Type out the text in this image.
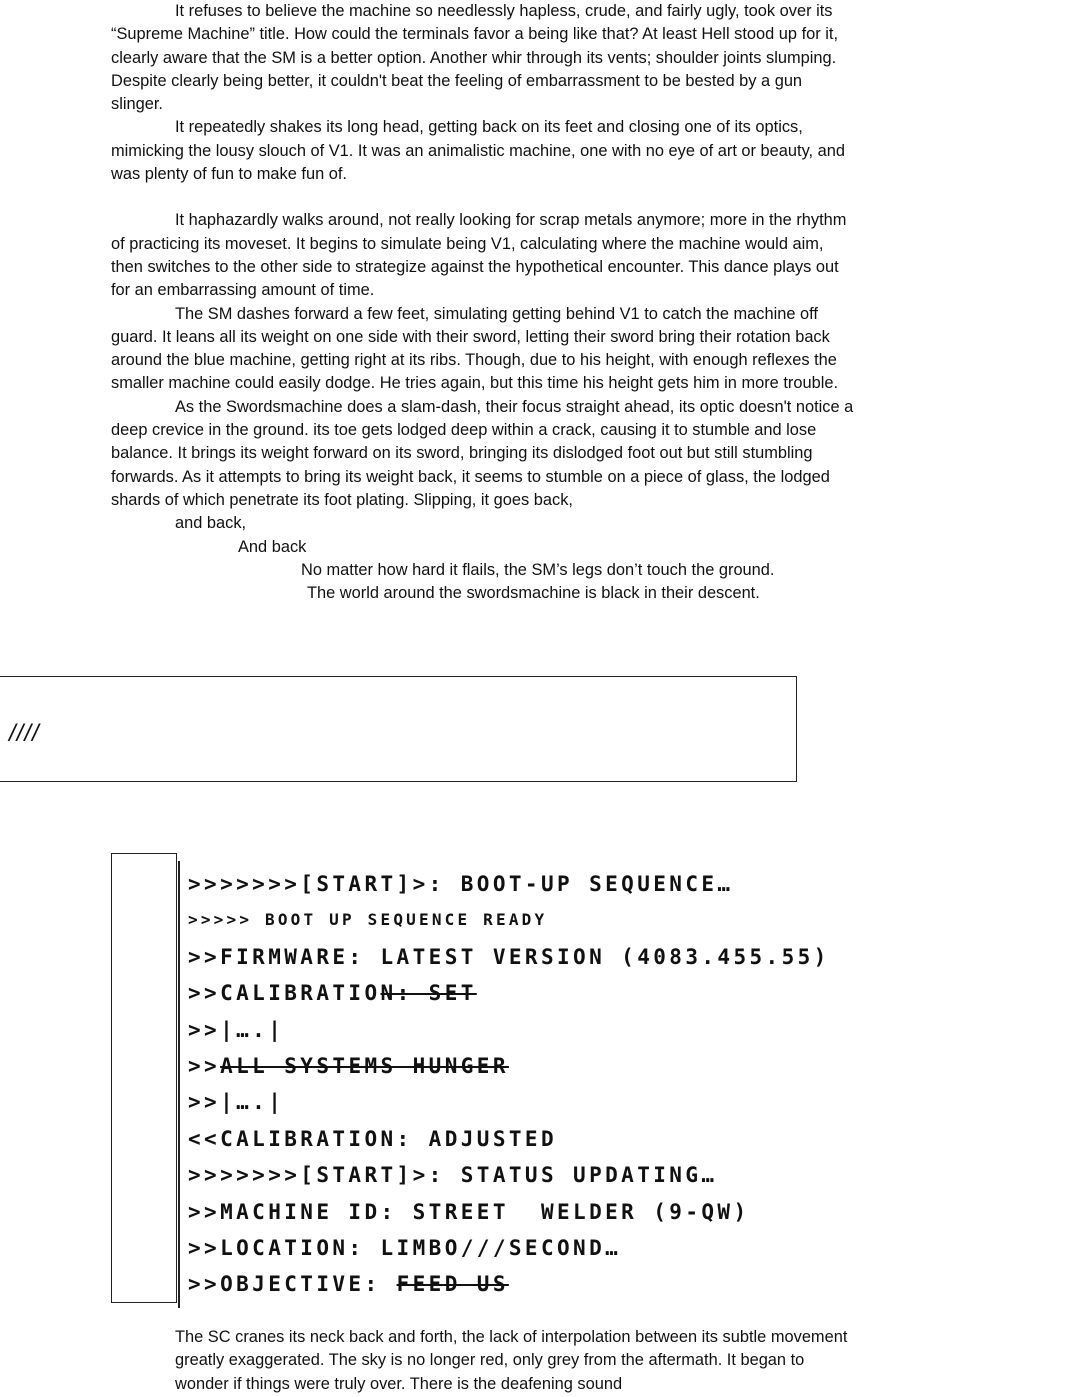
It refuses to believe the machine so needlessly hapless, crude, and fairly ugly, took over its “Supreme Machine” title. How could the terminals favor a being like that? At least Hell stood up for it, clearly aware that the SM is a better option. Another whir through its vents; shoulder joints slumping. Despite clearly being better, it couldn't beat the feeling of embarrassment to be bested by a gun slinger.

It repeatedly shakes its long head, getting back on its feet and closing one of its optics, mimicking the lousy slouch of V1. It was an animalistic machine, one with no eye of art or beauty, and was plenty of fun to make fun of.

It haphazardly walks around, not really looking for scrap metals anymore; more in the rhythm of practicing its moveset. It begins to simulate being V1, calculating where the machine would aim, then switches to the other side to strategize against the hypothetical encounter. This dance plays out for an embarrassing amount of time.

The SM dashes forward a few feet, simulating getting behind V1 to catch the machine off guard. It leans all its weight on one side with their sword, letting their sword bring their rotation back around the blue machine, getting right at its ribs. Though, due to his height, with enough reflexes the smaller machine could easily dodge. He tries again, but this time his height gets him in more trouble.

As the Swordsmachine does a slam-dash, their focus straight ahead, its optic doesn't notice a deep crevice in the ground. its toe gets lodged deep within a crack, causing it to stumble and lose balance. It brings its weight forward on its sword, bringing its dislodged foot out but still stumbling forwards. As it attempts to bring its weight back, it seems to stumble on a piece of glass, the lodged shards of which penetrate its foot plating. Slipping, it goes back,

and back,

And back

No matter how hard it flails, the SM’s legs don’t touch the ground.

The world around the swordsmachine is black in their descent.

////
>>>>>>>[START]>: BOOT-UP SEQUENCE…
>>>>> BOOT UP SEQUENCE READY
>>FIRMWARE: LATEST VERSION (4083.455.55)
>>CALIBRATION: SET
>>|….|
>>ALL SYSTEMS HUNGER
>>|….|
<<CALIBRATION: ADJUSTED
>>>>>>>[START]>: STATUS UPDATING…
>>MACHINE ID: STREET  WELDER (9-QW)
>>LOCATION: LIMBO///SECOND…
>>OBJECTIVE: FEED US

The SC cranes its neck back and forth, the lack of interpolation between its subtle movement greatly exaggerated. The sky is no longer red, only grey from the aftermath. It began to wonder if things were truly over. There is the deafening sound
